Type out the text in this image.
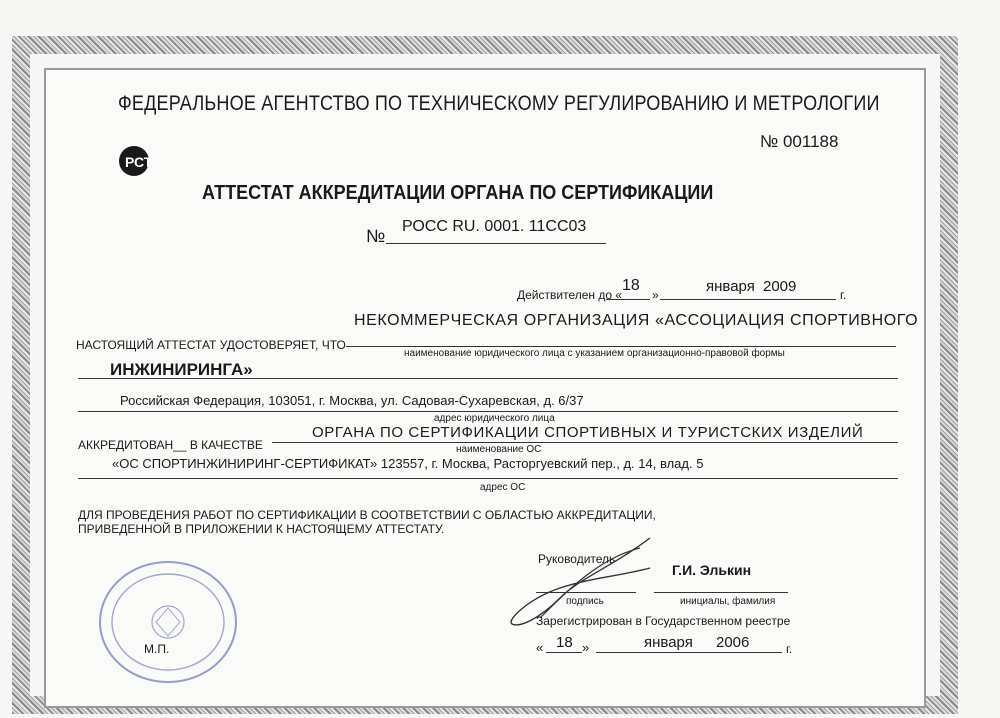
ФЕДЕРАЛЬНОЕ АГЕНТСТВО ПО ТЕХНИЧЕСКОМУ РЕГУЛИРОВАНИЮ И МЕТРОЛОГИИ
№ 001188
РСТ
АТТЕСТАТ АККРЕДИТАЦИИ ОРГАНА ПО СЕРТИФИКАЦИИ
№ РОСС RU. 0001. 11СС03
Действителен до «
18
»	января 2009	г.
НАСТОЯЩИЙ АТТЕСТАТ УДОСТОВЕРЯЕТ, ЧТО
НЕКОММЕРЧЕСКАЯ ОРГАНИЗАЦИЯ «АССОЦИАЦИЯ СПОРТИВНОГО
наименование юридического лица с указанием организационно-правовой формы
ИНЖИНИРИНГА»
Российская Федерация, 103051, г. Москва, ул. Садовая-Сухаревская, д. 6/37
адрес юридического лица
АККРЕДИТОВАН__ В КАЧЕСТВЕ
ОРГАНА ПО СЕРТИФИКАЦИИ СПОРТИВНЫХ И ТУРИСТСКИХ ИЗДЕЛИЙ
наименование ОС
«ОС СПОРТИНЖИНИРИНГ-СЕРТИФИКАТ» 123557, г. Москва, Расторгуевский пер., д. 14, влад. 5
адрес ОС
ДЛЯ ПРОВЕДЕНИЯ РАБОТ ПО СЕРТИФИКАЦИИ В СООТВЕТСТВИИ С ОБЛАСТЬЮ АККРЕДИТАЦИИ,
ПРИВЕДЕННОЙ В ПРИЛОЖЕНИИ К НАСТОЯЩЕМУ АТТЕСТАТУ.
Руководитель
Г.И. Элькин
подпись	инициалы, фамилия
Зарегистрирован в Государственном реестре
« 18 »	января 2006	г.
М.П.
